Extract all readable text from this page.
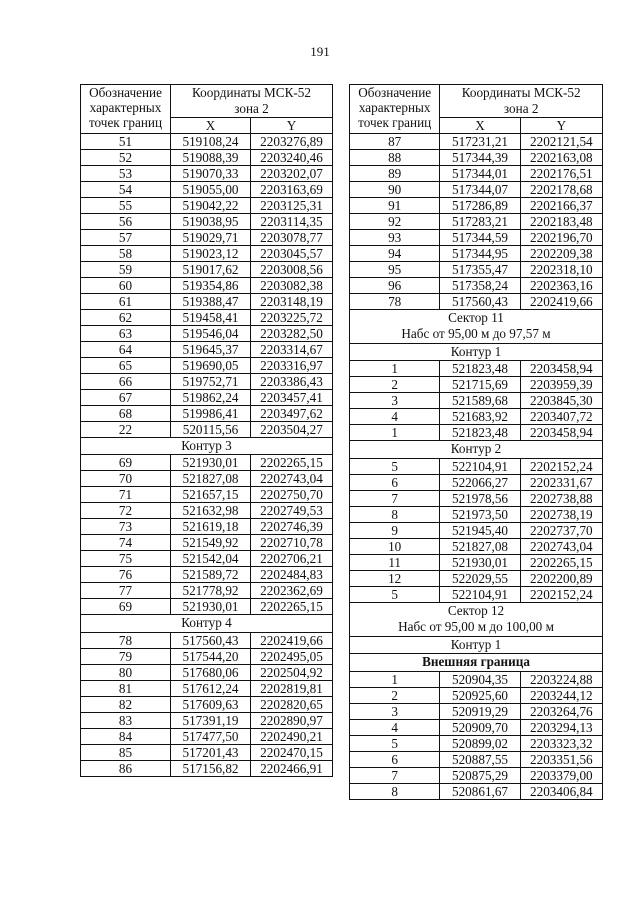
191
Обозначение
характерных
точек границ	Координаты МСК-52
зона 2	
	X	Y
51	519108,24	2203276,89
52	519088,39	2203240,46
53	519070,33	2203202,07
54	519055,00	2203163,69
55	519042,22	2203125,31
56	519038,95	2203114,35
57	519029,71	2203078,77
58	519023,12	2203045,57
59	519017,62	2203008,56
60	519354,86	2203082,38
61	519388,47	2203148,19
62	519458,41	2203225,72
63	519546,04	2203282,50
64	519645,37	2203314,67
65	519690,05	2203316,97
66	519752,71	2203386,43
67	519862,24	2203457,41
68	519986,41	2203497,62
22	520115,56	2203504,27
Контур 3		
69	521930,01	2202265,15
70	521827,08	2202743,04
71	521657,15	2202750,70
72	521632,98	2202749,53
73	521619,18	2202746,39
74	521549,92	2202710,78
75	521542,04	2202706,21
76	521589,72	2202484,83
77	521778,92	2202362,69
69	521930,01	2202265,15
Контур 4		
78	517560,43	2202419,66
79	517544,20	2202495,05
80	517680,06	2202504,92
81	517612,24	2202819,81
82	517609,63	2202820,65
83	517391,19	2202890,97
84	517477,50	2202490,21
85	517201,43	2202470,15
86	517156,82	2202466,91
Обозначение
характерных
точек границ	Координаты МСК-52
зона 2	
	X	Y
87	517231,21	2202121,54
88	517344,39	2202163,08
89	517344,01	2202176,51
90	517344,07	2202178,68
91	517286,89	2202166,37
92	517283,21	2202183,48
93	517344,59	2202196,70
94	517344,95	2202209,38
95	517355,47	2202318,10
96	517358,24	2202363,16
78	517560,43	2202419,66
Сектор 11
Набс от 95,00 м до 97,57 м		
Контур 1		
1	521823,48	2203458,94
2	521715,69	2203959,39
3	521589,68	2203845,30
4	521683,92	2203407,72
1	521823,48	2203458,94
Контур 2		
5	522104,91	2202152,24
6	522066,27	2202331,67
7	521978,56	2202738,88
8	521973,50	2202738,19
9	521945,40	2202737,70
10	521827,08	2202743,04
11	521930,01	2202265,15
12	522029,55	2202200,89
5	522104,91	2202152,24
Сектор 12
Набс от 95,00 м до 100,00 м		
Контур 1		
Внешняя граница		
1	520904,35	2203224,88
2	520925,60	2203244,12
3	520919,29	2203264,76
4	520909,70	2203294,13
5	520899,02	2203323,32
6	520887,55	2203351,56
7	520875,29	2203379,00
8	520861,67	2203406,84
